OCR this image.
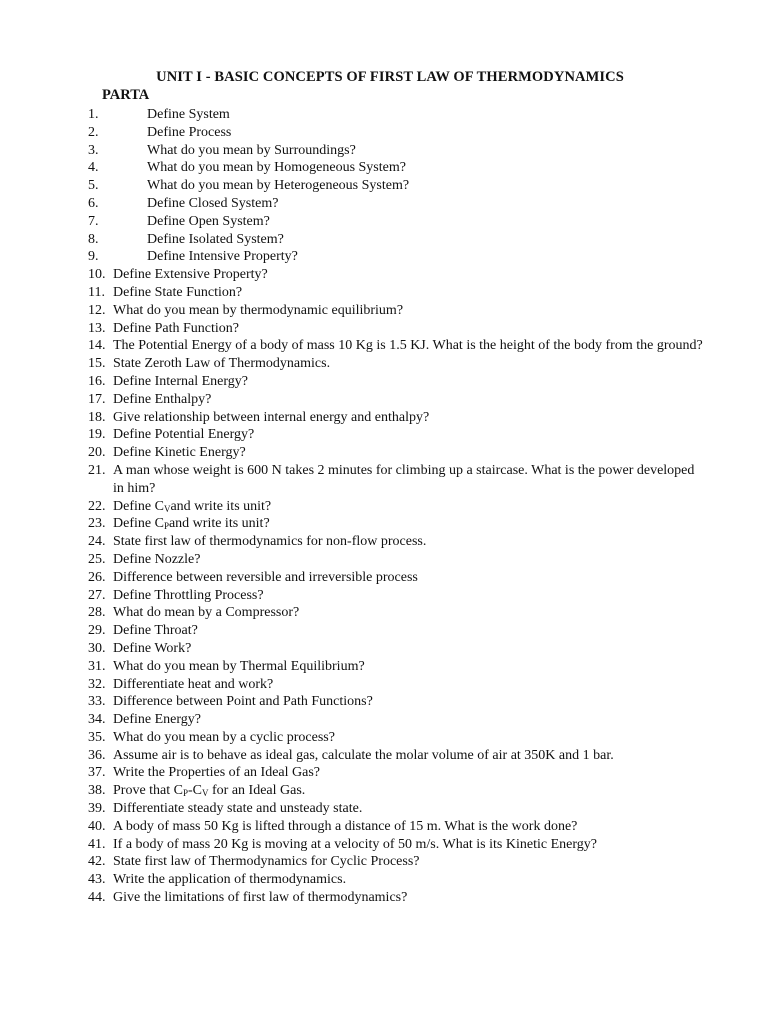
UNIT I - BASIC CONCEPTS OF FIRST LAW OF THERMODYNAMICS
PARTA
1.	Define System
2.	Define Process
3.	What do you mean by Surroundings?
4.	What do you mean by Homogeneous System?
5.	What do you mean by Heterogeneous System?
6.	Define Closed System?
7.	Define Open System?
8.	Define Isolated System?
9.	Define Intensive Property?
10. Define Extensive Property?
11. Define State Function?
12. What do you mean by thermodynamic equilibrium?
13. Define Path Function?
14. The Potential Energy of a body of mass 10 Kg is 1.5 KJ. What is the height of the body from the ground?
15. State Zeroth Law of Thermodynamics.
16. Define Internal Energy?
17. Define Enthalpy?
18. Give relationship between internal energy and enthalpy?
19. Define Potential Energy?
20. Define Kinetic Energy?
21. A man whose weight is 600 N takes 2 minutes for climbing up a staircase. What is the power developed in him?
22. Define $C_Vand$ write its unit?
23. Define $C_Pand$ write its unit?
24. State first law of thermodynamics for non-flow process.
25. Define Nozzle?
26. Difference between reversible and irreversible process
27. Define Throttling Process?
28. What do mean by a Compressor?
29. Define Throat?
30. Define Work?
31. What do you mean by Thermal Equilibrium?
32. Differentiate heat and work?
33. Difference between Point and Path Functions?
34. Define Energy?
35. What do you mean by a cyclic process?
36. Assume air is to behave as ideal gas, calculate the molar volume of air at 350K and 1 bar.
37. Write the Properties of an Ideal Gas?
38. Prove that $C_P-C_V$ for an Ideal Gas.
39. Differentiate steady state and unsteady state.
40. A body of mass 50 Kg is lifted through a distance of 15 m. What is the work done?
41. If a body of mass 20 Kg is moving at a velocity of 50 m/s. What is its Kinetic Energy?
42. State first law of Thermodynamics for Cyclic Process?
43. Write the application of thermodynamics.
44. Give the limitations of first law of thermodynamics?
